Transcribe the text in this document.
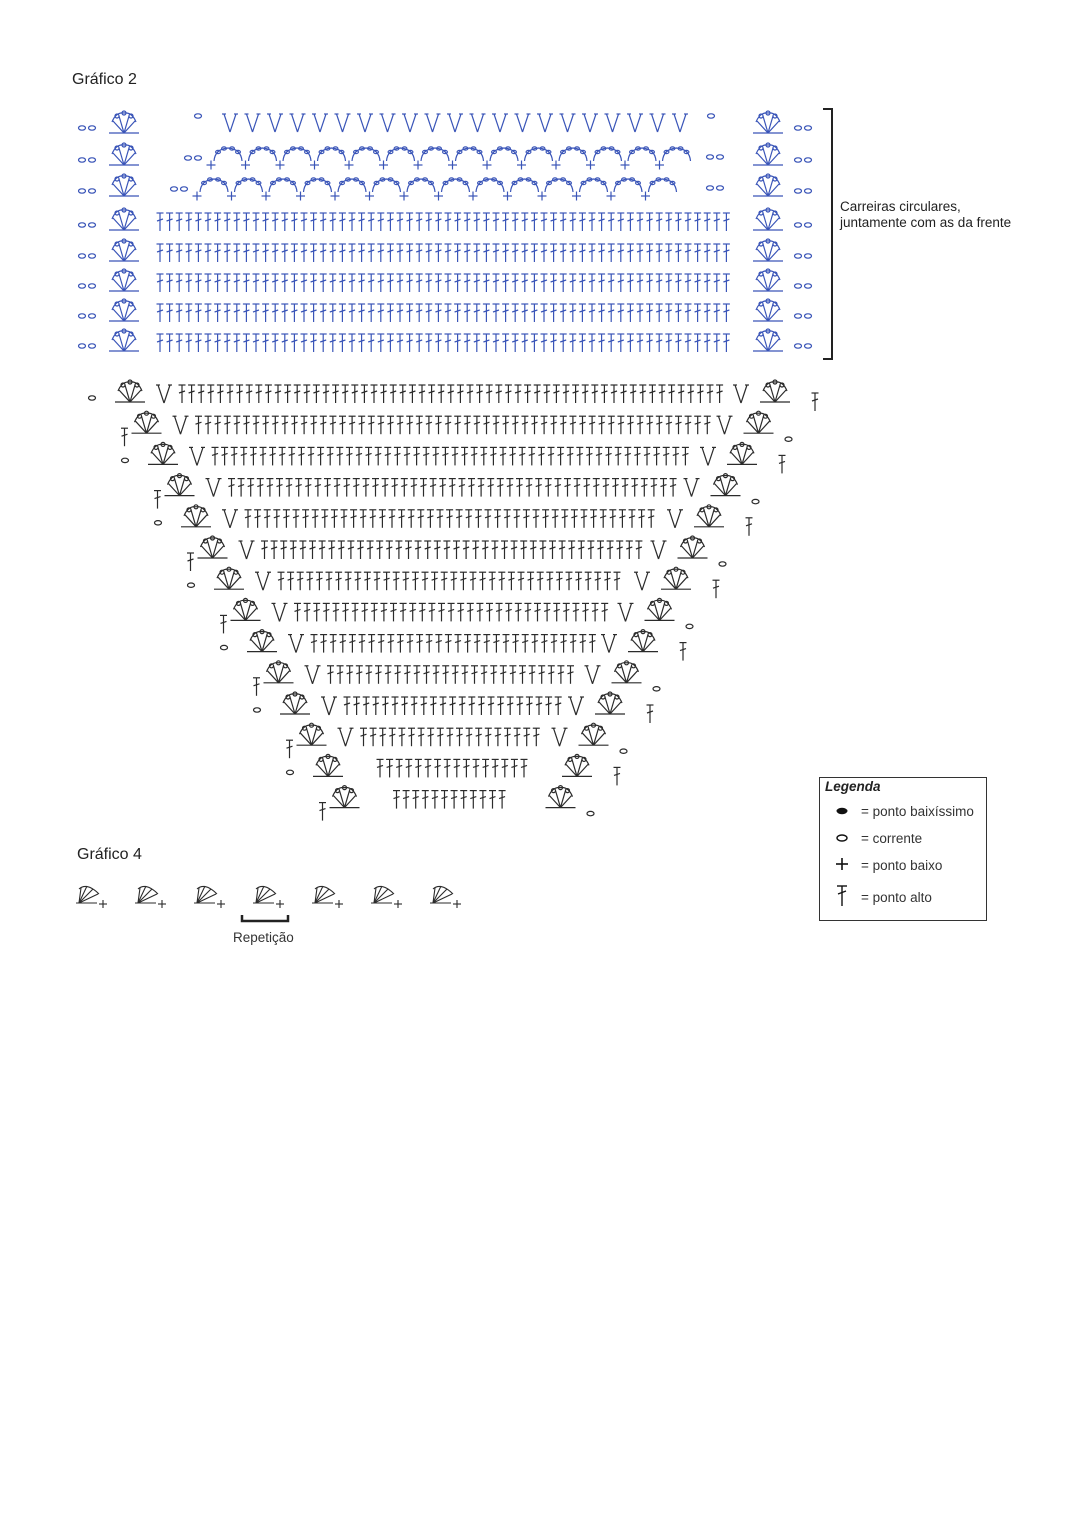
Gráfico 2
Carreiras circulares,
juntamente com as da frente
Gráfico 4
Repetição
Legenda
= ponto baixíssimo
= corrente
= ponto baixo
= ponto alto
